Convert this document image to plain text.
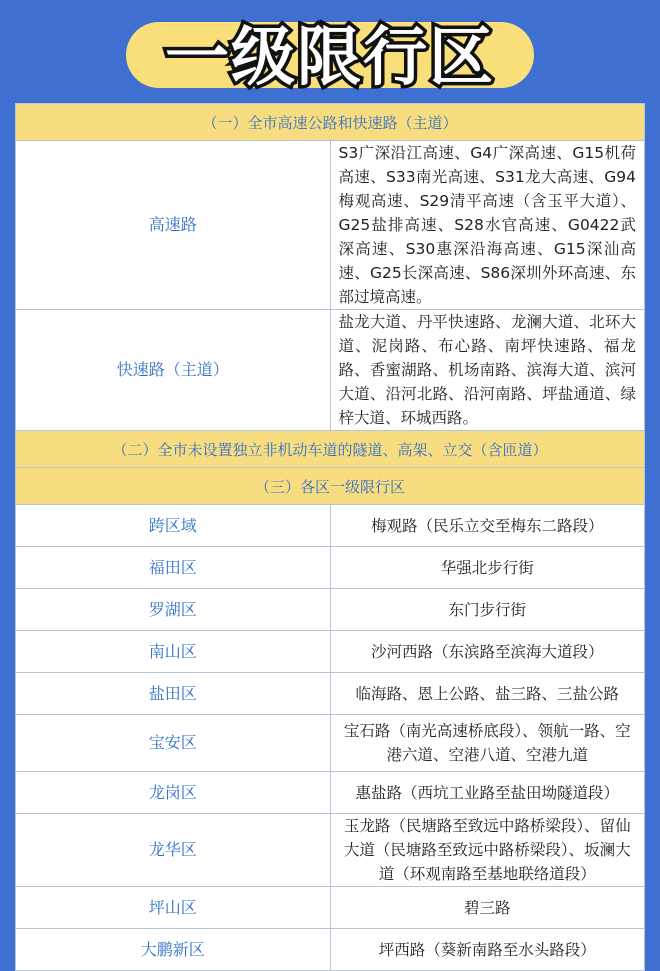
一级限行区
（一）全市高速公路和快速路（主道）	
高速路	S3广深沿江高速、G4广深高速、G15机荷高速、S33南光高速、S31龙大高速、G94梅观高速、S29清平高速（含玉平大道）、G25盐排高速、S28水官高速、G0422武深高速、S30惠深沿海高速、G15深汕高速、G25长深高速、S86深圳外环高速、东部过境高速。
快速路（主道）	盐龙大道、丹平快速路、龙澜大道、北环大道、泥岗路、布心路、南坪快速路、福龙路、香蜜湖路、机场南路、滨海大道、滨河大道、沿河北路、沿河南路、坪盐通道、绿梓大道、环城西路。
（二）全市未设置独立非机动车道的隧道、高架、立交（含匝道）	
（三）各区一级限行区	
跨区域	梅观路（民乐立交至梅东二路段）
福田区	华强北步行街
罗湖区	东门步行街
南山区	沙河西路（东滨路至滨海大道段）
盐田区	临海路、恩上公路、盐三路、三盐公路
宝安区	宝石路（南光高速桥底段）、领航一路、空港六道、空港八道、空港九道
龙岗区	惠盐路（西坑工业路至盐田坳隧道段）
龙华区	玉龙路（民塘路至致远中路桥梁段）、留仙大道（民塘路至致远中路桥梁段）、坂澜大道（环观南路至基地联络道段）
坪山区	碧三路
大鹏新区	坪西路（葵新南路至水头路段）
